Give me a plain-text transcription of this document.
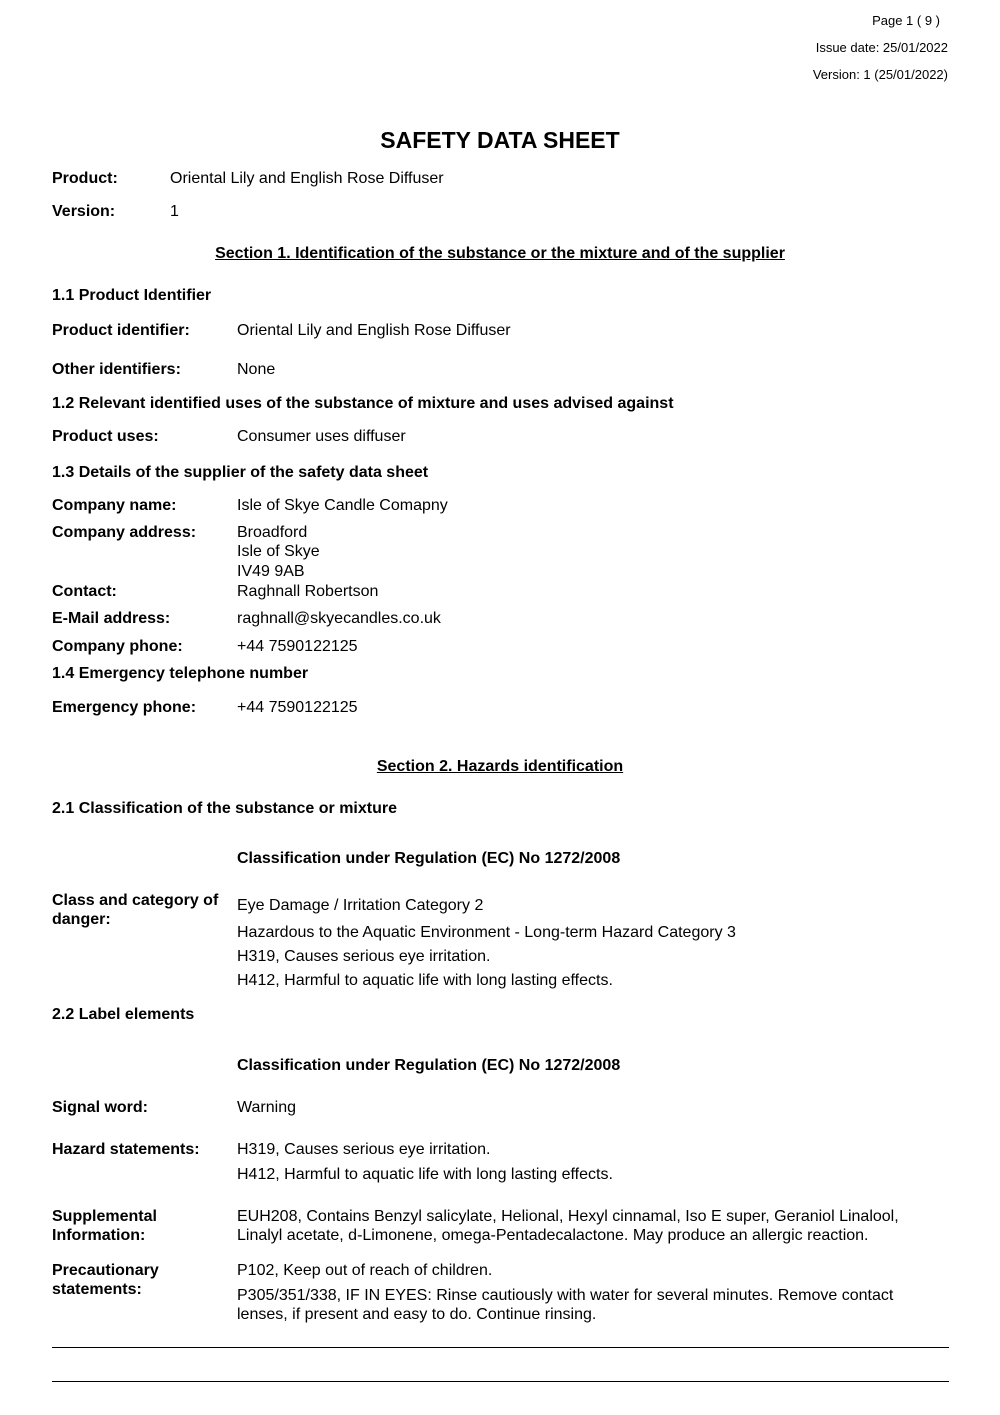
Page 1 ( 9 )
Issue date: 25/01/2022
Version: 1 (25/01/2022)
SAFETY DATA SHEET
Product:	Oriental Lily and English Rose Diffuser
Version:	1
Section 1. Identification of the substance or the mixture and of the supplier
1.1 Product Identifier
Product identifier:	Oriental Lily and English Rose Diffuser
Other identifiers:	None
1.2 Relevant identified uses of the substance of mixture and uses advised against
Product uses:	Consumer uses diffuser
1.3 Details of the supplier of the safety data sheet
Company name:	Isle of Skye Candle Comapny
Company address:	Broadford
Isle of Skye
IV49 9AB
Contact:	Raghnall Robertson
E-Mail address:	raghnall@skyecandles.co.uk
Company phone:	+44 7590122125
1.4 Emergency telephone number
Emergency phone:	+44 7590122125
Section 2. Hazards identification
2.1 Classification of the substance or mixture
Classification under Regulation (EC) No 1272/2008
Class and category of
danger:
Eye Damage / Irritation Category 2
Hazardous to the Aquatic Environment - Long-term Hazard Category 3
H319, Causes serious eye irritation.
H412, Harmful to aquatic life with long lasting effects.
2.2 Label elements
Classification under Regulation (EC) No 1272/2008
Signal word:	Warning
Hazard statements: H319, Causes serious eye irritation.
H412, Harmful to aquatic life with long lasting effects.
Supplemental
Information:
EUH208, Contains Benzyl salicylate, Helional, Hexyl cinnamal, Iso E super, Geraniol Linalool,
Linalyl acetate, d-Limonene, omega-Pentadecalactone. May produce an allergic reaction.
Precautionary
statements:
P102, Keep out of reach of children.
P305/351/338, IF IN EYES: Rinse cautiously with water for several minutes. Remove contact
lenses, if present and easy to do. Continue rinsing.
